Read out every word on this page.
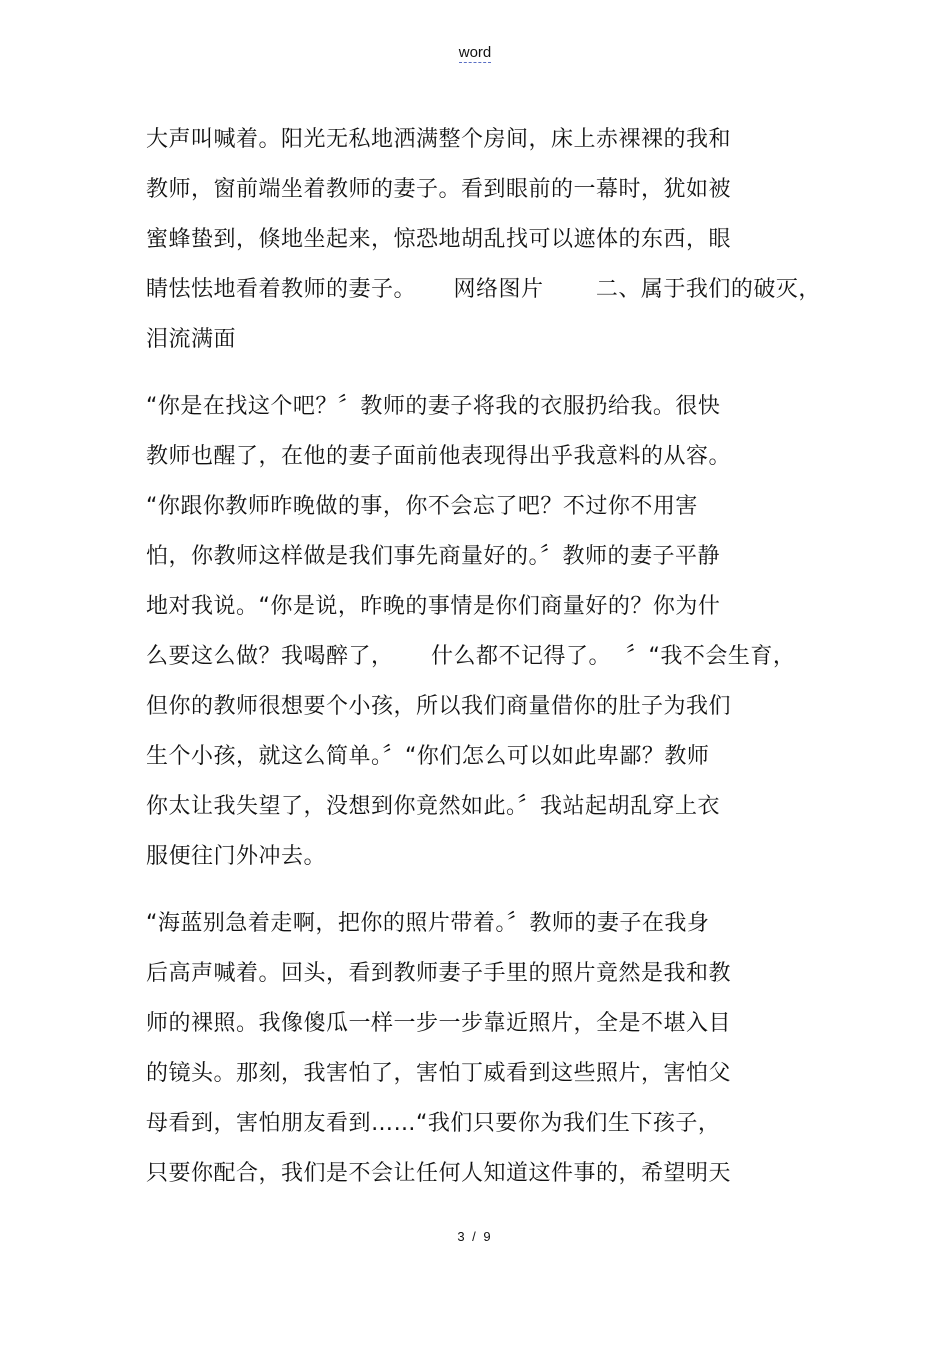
word
大声叫喊着。阳光无私地洒满整个房间，床上赤裸裸的我和
教师，窗前端坐着教师的妻子。看到眼前的一幕时，犹如被
蜜蜂蛰到，倏地坐起来，惊恐地胡乱找可以遮体的东西，眼
睛怯怯地看着教师的妻子。     网络图片       二、属于我们的破灭，
泪流满面
“你是在找这个吧？〞教师的妻子将我的衣服扔给我。很快
教师也醒了，在他的妻子面前他表现得出乎我意料的从容。
“你跟你教师昨晚做的事，你不会忘了吧？不过你不用害
怕，你教师这样做是我们事先商量好的。〞教师的妻子平静
地对我说。“你是说，昨晚的事情是你们商量好的？你为什
么要这么做？我喝醉了，     什么都不记得了。  〞“我不会生育，
但你的教师很想要个小孩，所以我们商量借你的肚子为我们
生个小孩，就这么简单。〞“你们怎么可以如此卑鄙？教师
你太让我失望了，没想到你竟然如此。〞我站起胡乱穿上衣
服便往门外冲去。
“海蓝别急着走啊，把你的照片带着。〞教师的妻子在我身
后高声喊着。回头，看到教师妻子手里的照片竟然是我和教
师的裸照。我像傻瓜一样一步一步靠近照片，全是不堪入目
的镜头。那刻，我害怕了，害怕丁威看到这些照片，害怕父
母看到，害怕朋友看到……“我们只要你为我们生下孩子，
只要你配合，我们是不会让任何人知道这件事的，希望明天
3 / 9
